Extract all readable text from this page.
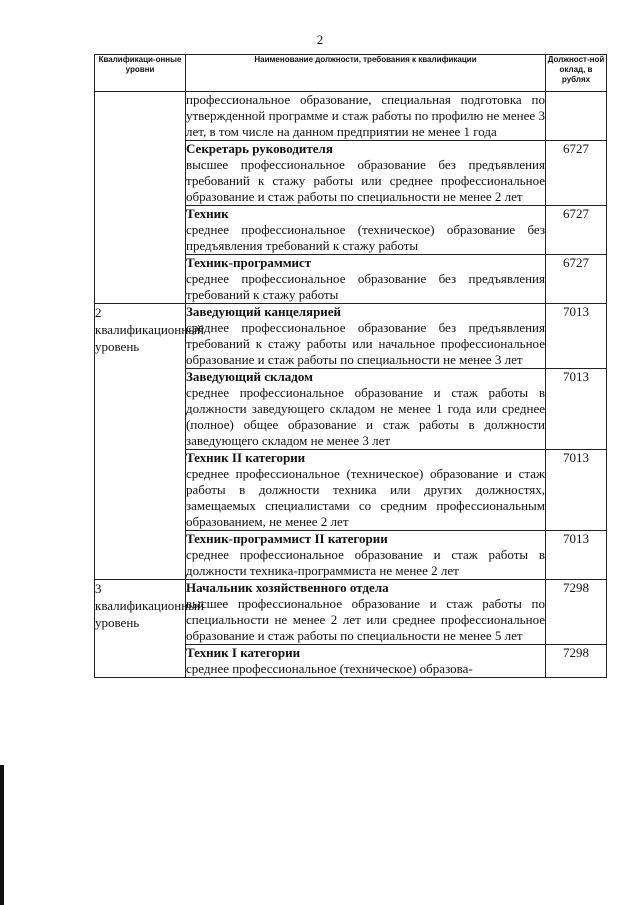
2
Квалификаци-онные уровни	Наименование должности, требования к квалификации	Должност-ной оклад, в рублях

	профессиональное образование, специальная подготовка по утвержденной программе и стаж работы по профилю не менее 3 лет, в том числе на данном предприятии не менее 1 года	

	Секретарь руководителя
высшее профессиональное образование без предъявления требований к стажу работы или среднее профессиональное образование и стаж работы по специальности не менее 2 лет	6727

	Техник
среднее профессиональное (техническое) образование без предъявления требований к стажу работы	6727

	Техник-программист
среднее профессиональное образование без предъявления требований к стажу работы	6727
2 квалификационный уровень	Заведующий канцелярией
среднее профессиональное образование без предъявления требований к стажу работы или начальное профессиональное образование и стаж работы по специальности не менее 3 лет	7013

	Заведующий складом
среднее профессиональное образование и стаж работы в должности заведующего складом не менее 1 года или среднее (полное) общее образование и стаж работы в должности заведующего складом не менее 3 лет	7013

	Техник II категории
среднее профессиональное (техническое) образование и стаж работы в должности техника или других должностях, замещаемых специалистами со средним профессиональным образованием, не менее 2 лет	7013

	Техник-программист II категории
среднее профессиональное образование и стаж работы в должности техника-программиста не менее 2 лет	7013
3 квалификационный уровень	Начальник хозяйственного отдела
высшее профессиональное образование и стаж работы по специальности не менее 2 лет или среднее профессиональное образование и стаж работы по специальности не менее 5 лет	7298

	Техник I категории
среднее профессиональное (техническое) образова-	7298
